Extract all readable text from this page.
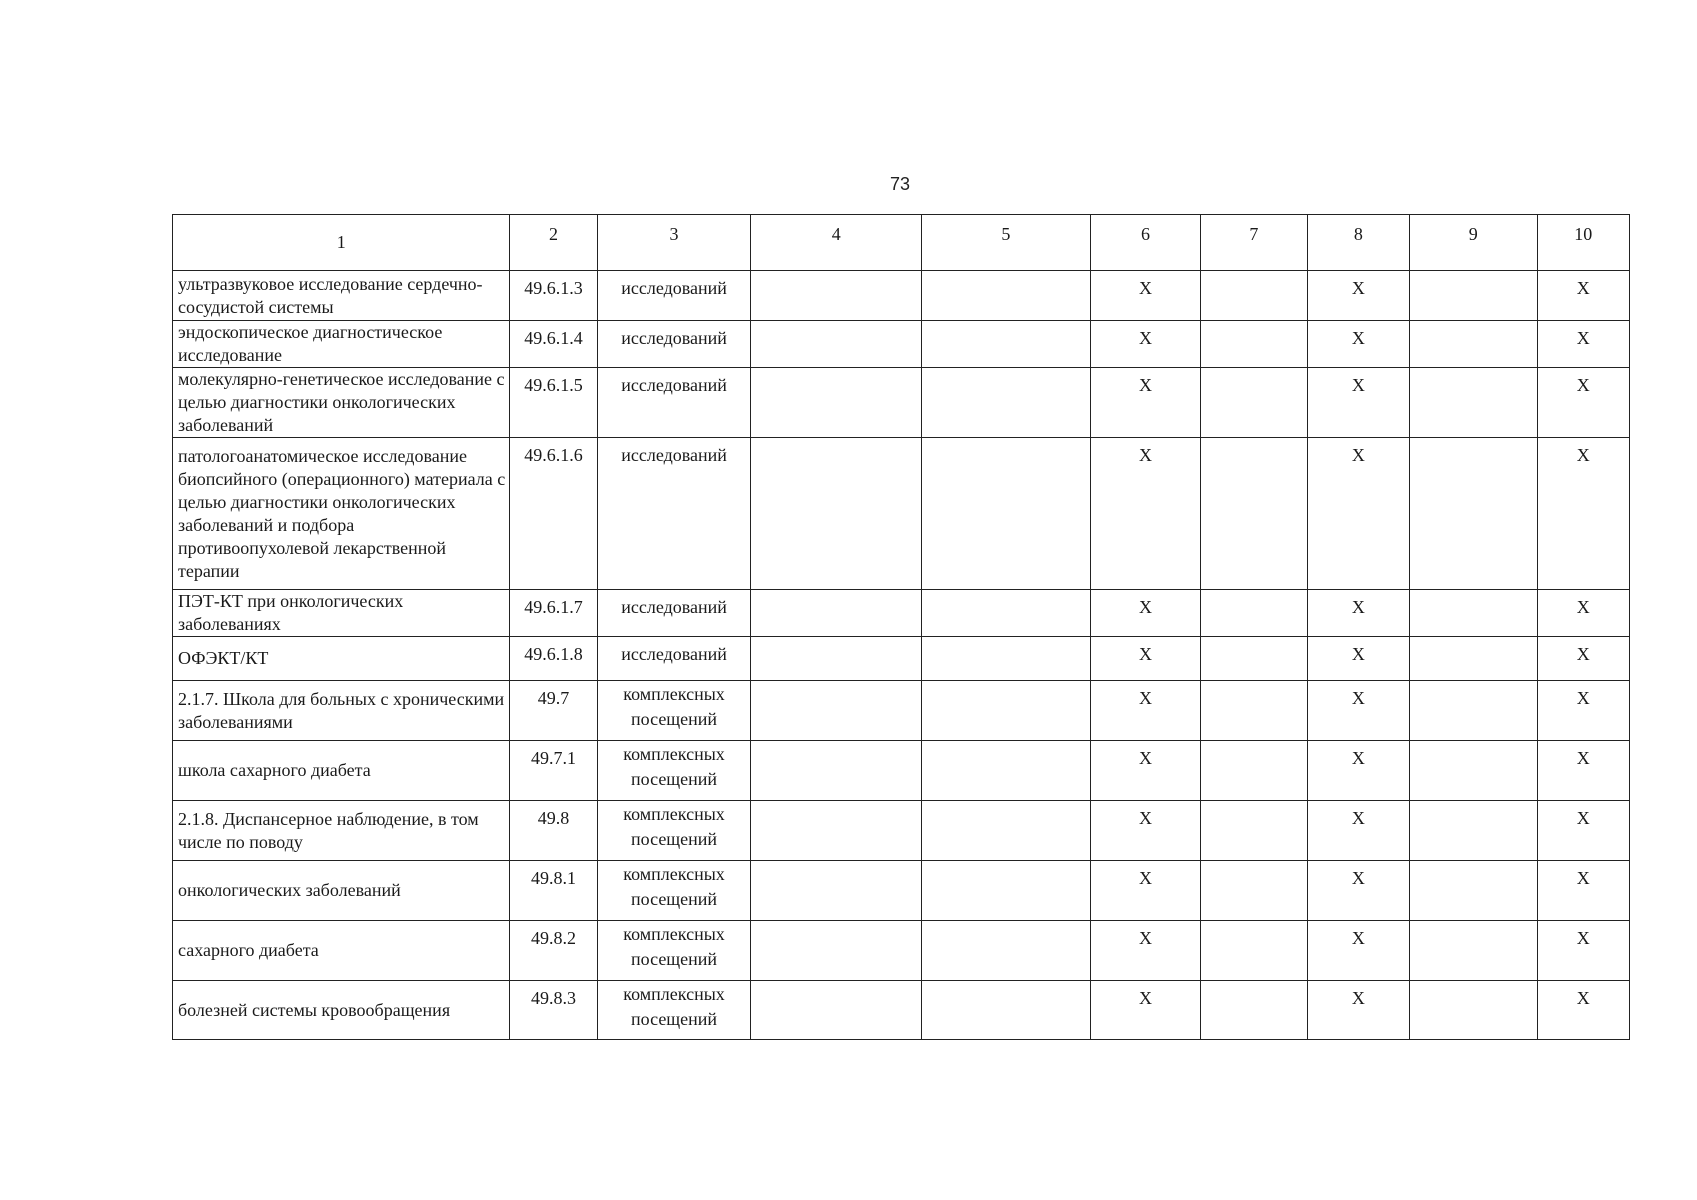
73
1	2	3	4	5	6	7	8	9	10
ультразвуковое исследование сердечно-сосудистой системы	49.6.1.3	исследований			X		X		X
эндоскопическое диагностическое исследование	49.6.1.4	исследований			X		X		X
молекулярно-генетическое исследование с целью диагностики онкологических заболеваний	49.6.1.5	исследований			X		X		X
патологоанатомическое исследование биопсийного (операционного) материала с целью диагностики онкологических заболеваний и подбора противоопухолевой лекарственной терапии	49.6.1.6	исследований			X		X		X
ПЭТ-КТ при онкологических заболеваниях	49.6.1.7	исследований			X		X		X
ОФЭКТ/КТ	49.6.1.8	исследований			X		X		X
2.1.7. Школа для больных с хроническими заболеваниями	49.7	комплексных посещений			X		X		X
школа сахарного диабета	49.7.1	комплексных посещений			X		X		X
2.1.8. Диспансерное наблюдение, в том числе по поводу	49.8	комплексных посещений			X		X		X
онкологических заболеваний	49.8.1	комплексных посещений			X		X		X
сахарного диабета	49.8.2	комплексных посещений			X		X		X
болезней системы кровообращения	49.8.3	комплексных посещений			X		X		X
